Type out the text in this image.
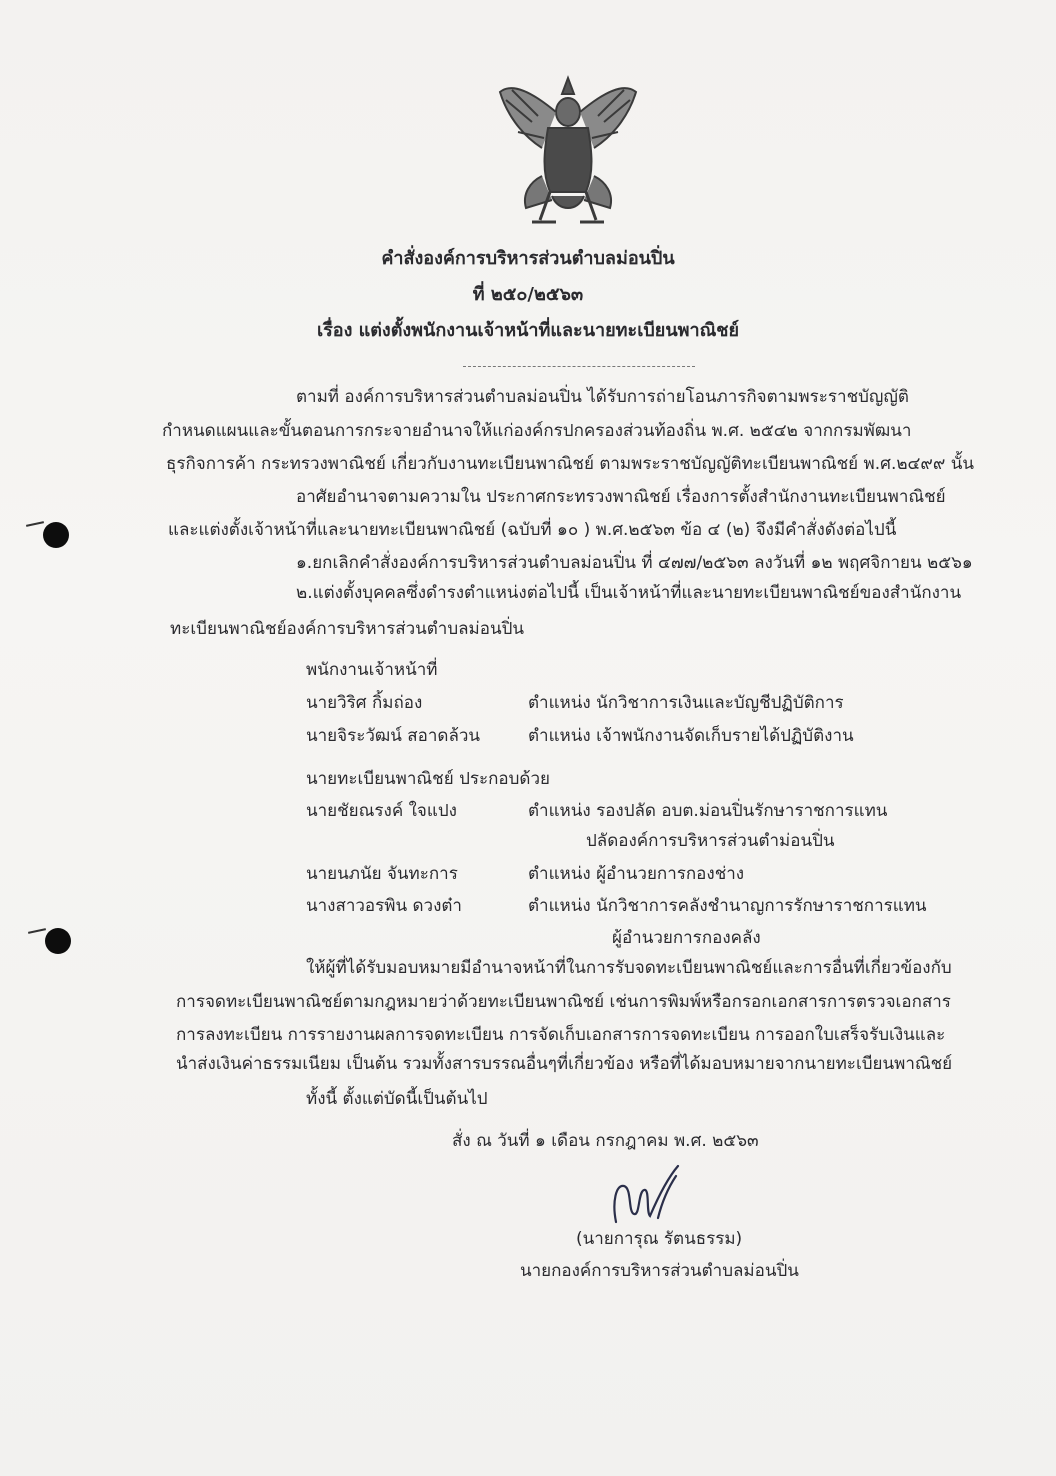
คำสั่งองค์การบริหารส่วนตำบลม่อนปิ่น
ที่ ๒๕๐/๒๕๖๓
เรื่อง แต่งตั้งพนักงานเจ้าหน้าที่และนายทะเบียนพาณิชย์
ตามที่ องค์การบริหารส่วนตำบลม่อนปิ่น ได้รับการถ่ายโอนภารกิจตามพระราชบัญญัติ
กำหนดแผนและขั้นตอนการกระจายอำนาจให้แก่องค์กรปกครองส่วนท้องถิ่น พ.ศ. ๒๕๔๒ จากกรมพัฒนา
ธุรกิจการค้า กระทรวงพาณิชย์ เกี่ยวกับงานทะเบียนพาณิชย์ ตามพระราชบัญญัติทะเบียนพาณิชย์ พ.ศ.๒๔๙๙ นั้น
อาศัยอำนาจตามความใน ประกาศกระทรวงพาณิชย์ เรื่องการตั้งสำนักงานทะเบียนพาณิชย์
และแต่งตั้งเจ้าหน้าที่และนายทะเบียนพาณิชย์ (ฉบับที่ ๑๐ ) พ.ศ.๒๕๖๓ ข้อ ๔ (๒) จึงมีคำสั่งดังต่อไปนี้
๑.ยกเลิกคำสั่งองค์การบริหารส่วนตำบลม่อนปิ่น ที่ ๔๗๗/๒๕๖๓ ลงวันที่ ๑๒ พฤศจิกายน ๒๕๖๑
๒.แต่งตั้งบุคคลซึ่งดำรงตำแหน่งต่อไปนี้ เป็นเจ้าหน้าที่และนายทะเบียนพาณิชย์ของสำนักงาน
ทะเบียนพาณิชย์องค์การบริหารส่วนตำบลม่อนปิ่น
พนักงานเจ้าหน้าที่
นายวิริศ กิ้มถ่อง	ตำแหน่ง นักวิชาการเงินและบัญชีปฏิบัติการ
นายจิระวัฒน์ สอาดล้วน	ตำแหน่ง เจ้าพนักงานจัดเก็บรายได้ปฏิบัติงาน
นายทะเบียนพาณิชย์ ประกอบด้วย
นายชัยณรงค์ ใจแปง	ตำแหน่ง รองปลัด อบต.ม่อนปิ่นรักษาราชการแทน
ปลัดองค์การบริหารส่วนตำม่อนปิ่น
นายนภนัย จันทะการ	ตำแหน่ง ผู้อำนวยการกองช่าง
นางสาวอรพิน ดวงต๋า	ตำแหน่ง นักวิชาการคลังชำนาญการรักษาราชการแทน
ผู้อำนวยการกองคลัง
ให้ผู้ที่ได้รับมอบหมายมีอำนาจหน้าที่ในการรับจดทะเบียนพาณิชย์และการอื่นที่เกี่ยวข้องกับ
การจดทะเบียนพาณิชย์ตามกฎหมายว่าด้วยทะเบียนพาณิชย์ เช่นการพิมพ์หรือกรอกเอกสารการตรวจเอกสาร
การลงทะเบียน การรายงานผลการจดทะเบียน การจัดเก็บเอกสารการจดทะเบียน การออกใบเสร็จรับเงินและ
นำส่งเงินค่าธรรมเนียม เป็นต้น รวมทั้งสารบรรณอื่นๆที่เกี่ยวข้อง หรือที่ได้มอบหมายจากนายทะเบียนพาณิชย์
ทั้งนี้ ตั้งแต่บัดนี้เป็นต้นไป
สั่ง ณ วันที่ ๑ เดือน กรกฎาคม พ.ศ. ๒๕๖๓
(นายการุณ รัตนธรรม)
นายกองค์การบริหารส่วนตำบลม่อนปิ่น
